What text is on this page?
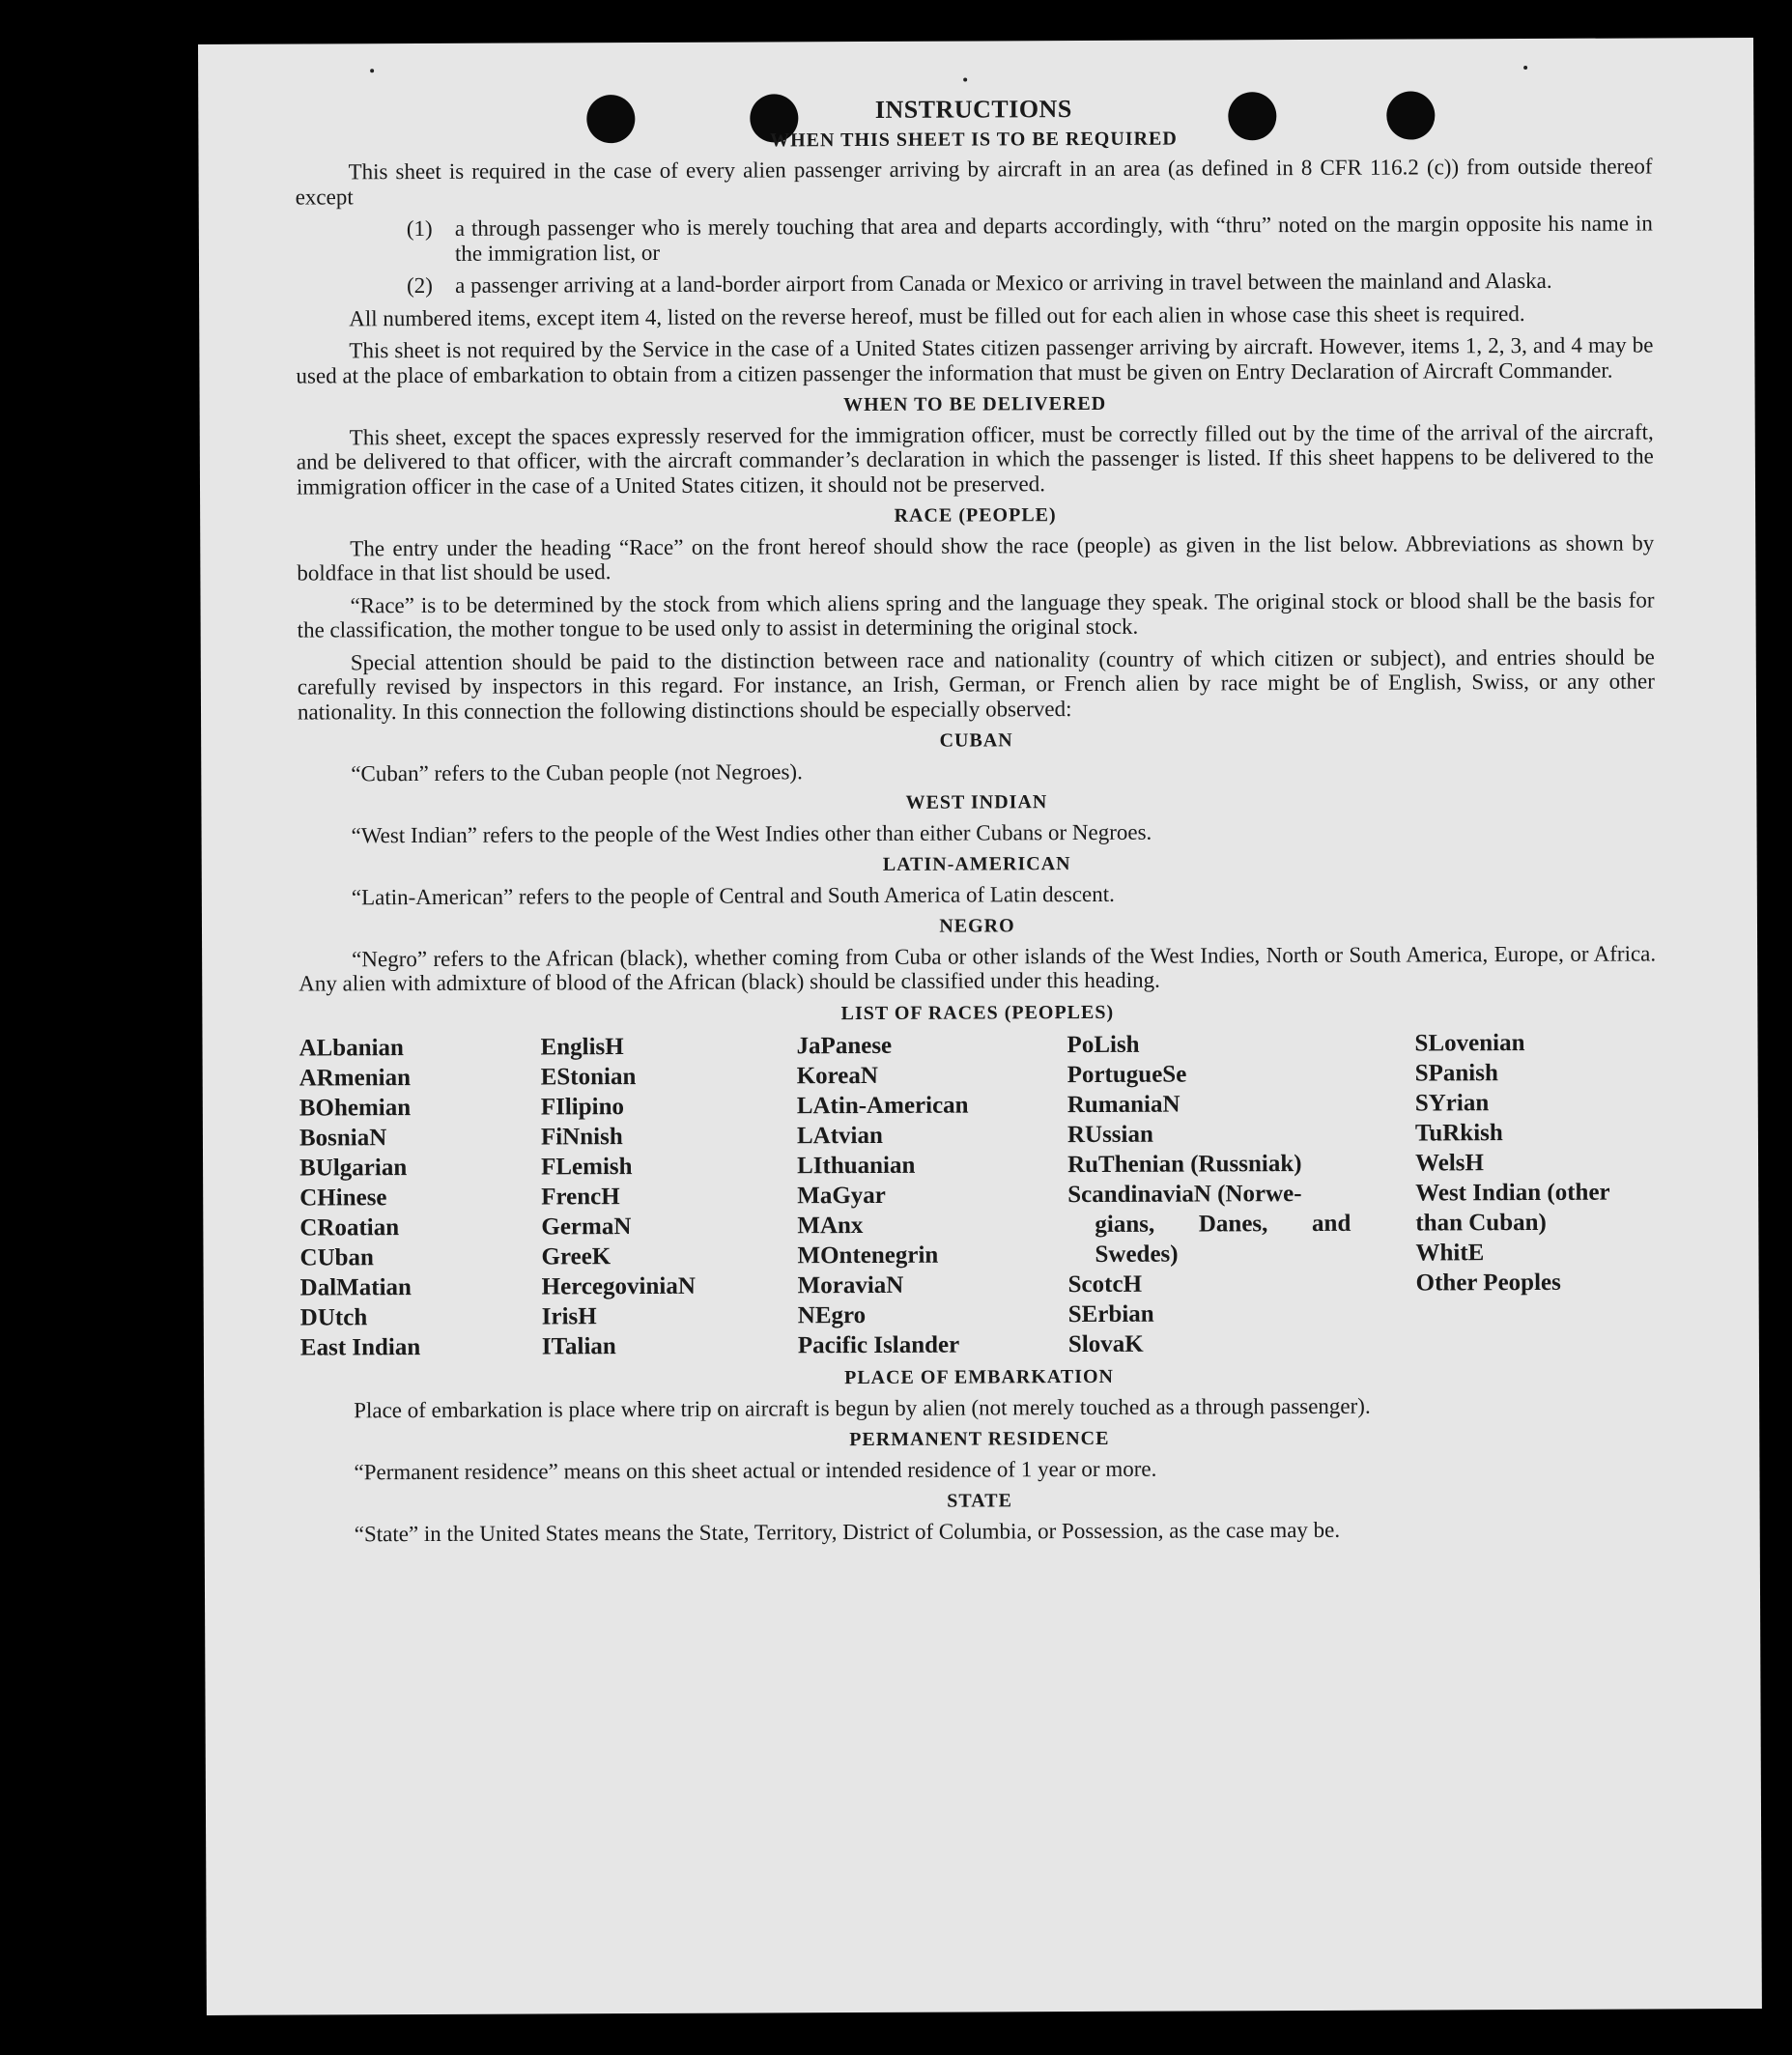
INSTRUCTIONS
WHEN THIS SHEET IS TO BE REQUIRED

This sheet is required in the case of every alien passenger arriving by aircraft in an area (as defined in 8 CFR 116.2 (c)) from outside thereof except

(1)	a through passenger who is merely touching that area and departs accordingly, with “thru” noted on the margin opposite his name in the immigration list, or
(2)	a passenger arriving at a land-border airport from Canada or Mexico or arriving in travel between the mainland and Alaska.

All numbered items, except item 4, listed on the reverse hereof, must be filled out for each alien in whose case this sheet is required.

This sheet is not required by the Service in the case of a United States citizen passenger arriving by aircraft. However, items 1, 2, 3, and 4 may be used at the place of embarkation to obtain from a citizen passenger the information that must be given on Entry Declaration of Aircraft Commander.

WHEN TO BE DELIVERED

This sheet, except the spaces expressly reserved for the immigration officer, must be correctly filled out by the time of the arrival of the aircraft, and be delivered to that officer, with the aircraft commander’s declaration in which the passenger is listed. If this sheet happens to be delivered to the immigration officer in the case of a United States citizen, it should not be preserved.

RACE (PEOPLE)

The entry under the heading “Race” on the front hereof should show the race (people) as given in the list below. Abbreviations as shown by boldface in that list should be used.

“Race” is to be determined by the stock from which aliens spring and the language they speak. The original stock or blood shall be the basis for the classification, the mother tongue to be used only to assist in determining the original stock.

Special attention should be paid to the distinction between race and nationality (country of which citizen or subject), and entries should be carefully revised by inspectors in this regard. For instance, an Irish, German, or French alien by race might be of English, Swiss, or any other nationality. In this connection the following distinctions should be especially observed:

CUBAN

“Cuban” refers to the Cuban people (not Negroes).

WEST INDIAN

“West Indian” refers to the people of the West Indies other than either Cubans or Negroes.

LATIN-AMERICAN

“Latin-American” refers to the people of Central and South America of Latin descent.

NEGRO

“Negro” refers to the African (black), whether coming from Cuba or other islands of the West Indies, North or South America, Europe, or Africa. Any alien with admixture of blood of the African (black) should be classified under this heading.

LIST OF RACES (PEOPLES)
ALbanian
ARmenian
BOhemian
BosniaN
BUlgarian
CHinese
CRoatian
CUban
DalMatian
DUtch
East Indian
EnglisH
EStonian
FIlipino
FiNnish
FLemish
FrencH
GermaN
GreeK
HercegoviniaN
IrisH
ITalian
JaPanese
KoreaN
LAtin-American
LAtvian
LIthuanian
MaGyar
MAnx
MOntenegrin
MoraviaN
NEgro
Pacific Islander
PoLish
PortugueSe
RumaniaN
RUssian
RuThenian (Russniak)
ScandinaviaN (Norwe-
gians, Danes, and Swedes)
ScotcH
SErbian
SlovaK
SLovenian
SPanish
SYrian
TuRkish
WelsH
West Indian (other than Cuban)
WhitE
Other Peoples
PLACE OF EMBARKATION

Place of embarkation is place where trip on aircraft is begun by alien (not merely touched as a through passenger).

PERMANENT RESIDENCE

“Permanent residence” means on this sheet actual or intended residence of 1 year or more.

STATE

“State” in the United States means the State, Territory, District of Columbia, or Possession, as the case may be.
